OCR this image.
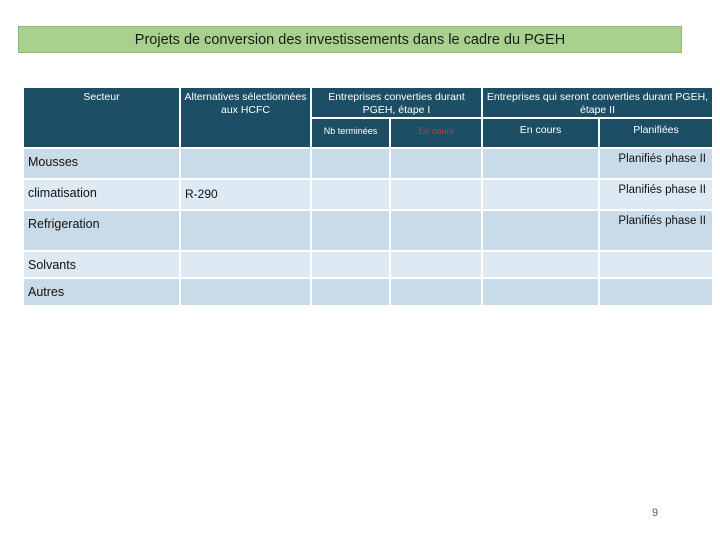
Projets de conversion des investissements dans le cadre du PGEH
Secteur	Alternatives sélectionnées aux HCFC	Entreprises converties durant PGEH, étape I		Entreprises qui seront converties durant PGEH, étape II	
		Nb terminées	En cours	En cours	Planifiées
Mousses					Planifiés phase II
climatisation	R-290				Planifiés phase II
Refrigeration					Planifiés phase II
Solvants					
Autres					
9
